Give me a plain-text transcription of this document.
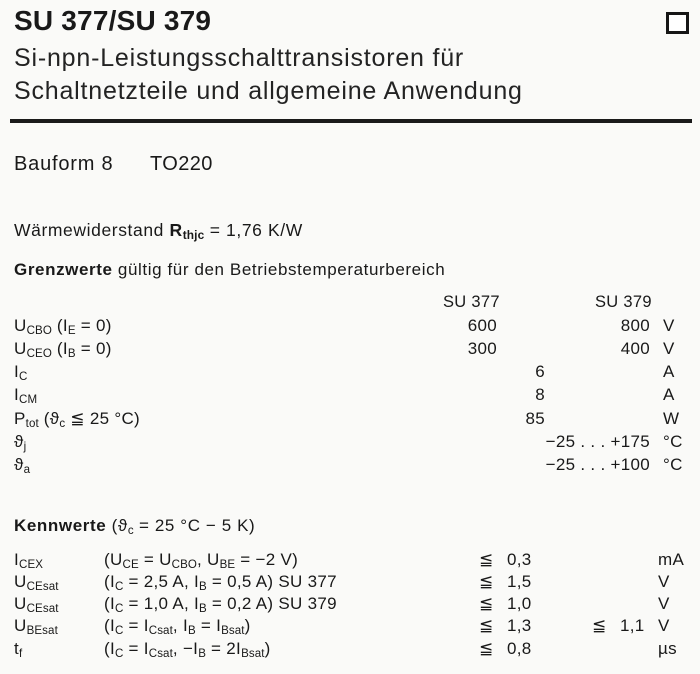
SU 377/SU 379
Si-npn-Leistungsschalttransistoren für
Schaltnetzteile und allgemeine Anwendung
Bauform 8 TO220
Wärmewiderstand $R_{thjc} = 1,76$ K/W
Grenzwerte gültig für den Betriebstemperaturbereich
SU 377	SU 379
$U_{CBO}$ $(I_E = 0)$	600	800 V
$U_{CEO}$ $(I_B = 0)$	300	400 V
$I_C$	6	A
$I_{CM}$	8	A
$P_{tot}$ ($ϑ_c$ ≦ 25 °C)	85	W
$ϑ_j$	−25 . . . +175 °C
$ϑ_a$	−25 . . . +100 °C
Kennwerte ($ϑ_c = 25$ °C − 5 K)
$I_{CEX}$	($U_{CE} = U_{CBO}$, $U_{BE} = -2$ V)	≦ 0,3	mA
$U_{CEsat}$	($I_C = 2,5$ A, $I_B = 0,5$ A) SU 377	≦ 1,5	V
$U_{CEsat}$	($I_C = 1,0$ A, $I_B = 0,2$ A) SU 379	≦ 1,0	V
$U_{BEsat}$	($I_C = I_{Csat}$, $I_B = I_{Bsat}$)	≦ 1,3	≦ 1,1 V
$t_f$	($I_C = I_{Csat}$, $-I_B = 2I_{Bsat}$)	≦ 0,8	µs
